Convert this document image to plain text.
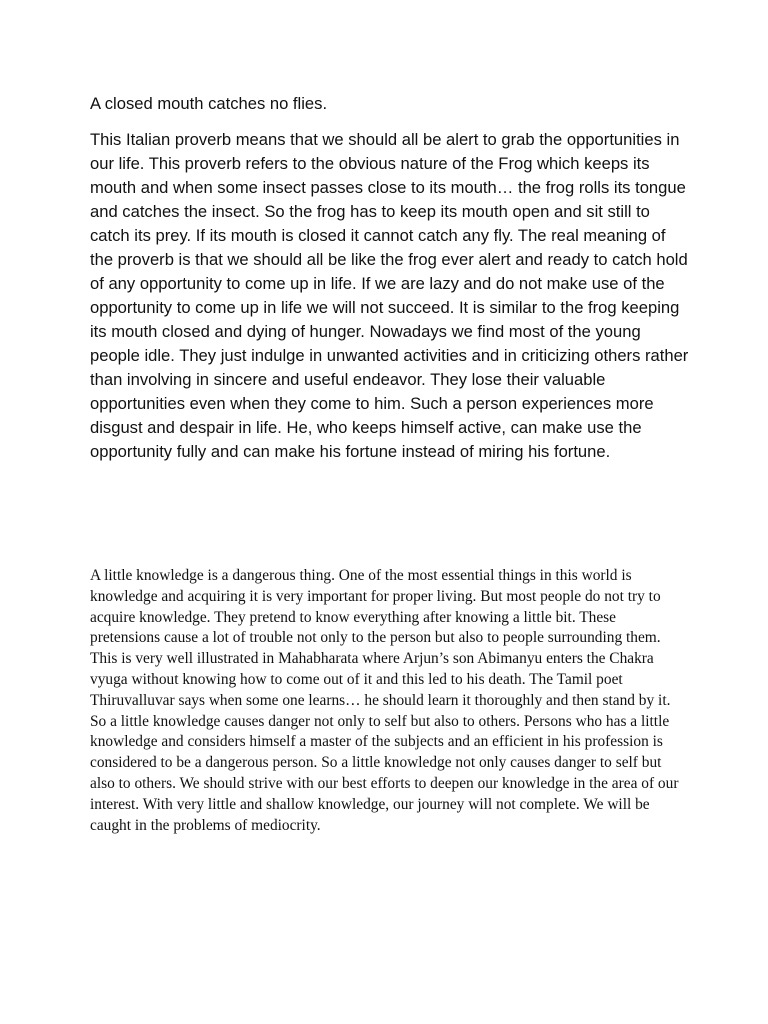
A closed mouth catches no flies.

This Italian proverb means that we should all be alert to grab the opportunities in our life. This proverb refers to the obvious nature of the Frog which keeps its mouth and when some insect passes close to its mouth… the frog rolls its tongue and catches the insect. So the frog has to keep its mouth open and sit still to catch its prey. If its mouth is closed it cannot catch any fly. The real meaning of the proverb is that we should all be like the frog ever alert and ready to catch hold of any opportunity to come up in life. If we are lazy and do not make use of the opportunity to come up in life we will not succeed. It is similar to the frog keeping its mouth closed and dying of hunger. Nowadays we find most of the young people idle. They just indulge in unwanted activities and in criticizing others rather than involving in sincere and useful endeavor. They lose their valuable opportunities even when they come to him. Such a person experiences more disgust and despair in life. He, who keeps himself active, can make use the opportunity fully and can make his fortune instead of miring his fortune.

A little knowledge is a dangerous thing. One of the most essential things in this world is knowledge and acquiring it is very important for proper living. But most people do not try to acquire knowledge. They pretend to know everything after knowing a little bit. These pretensions cause a lot of trouble not only to the person but also to people surrounding them. This is very well illustrated in Mahabharata where Arjun’s son Abimanyu enters the Chakra vyuga without knowing how to come out of it and this led to his death. The Tamil poet Thiruvalluvar says when some one learns… he should learn it thoroughly and then stand by it. So a little knowledge causes danger not only to self but also to others. Persons who has a little knowledge and considers himself a master of the subjects and an efficient in his profession is considered to be a dangerous person. So a little knowledge not only causes danger to self but also to others. We should strive with our best efforts to deepen our knowledge in the area of our interest. With very little and shallow knowledge, our journey will not complete. We will be caught in the problems of mediocrity.
